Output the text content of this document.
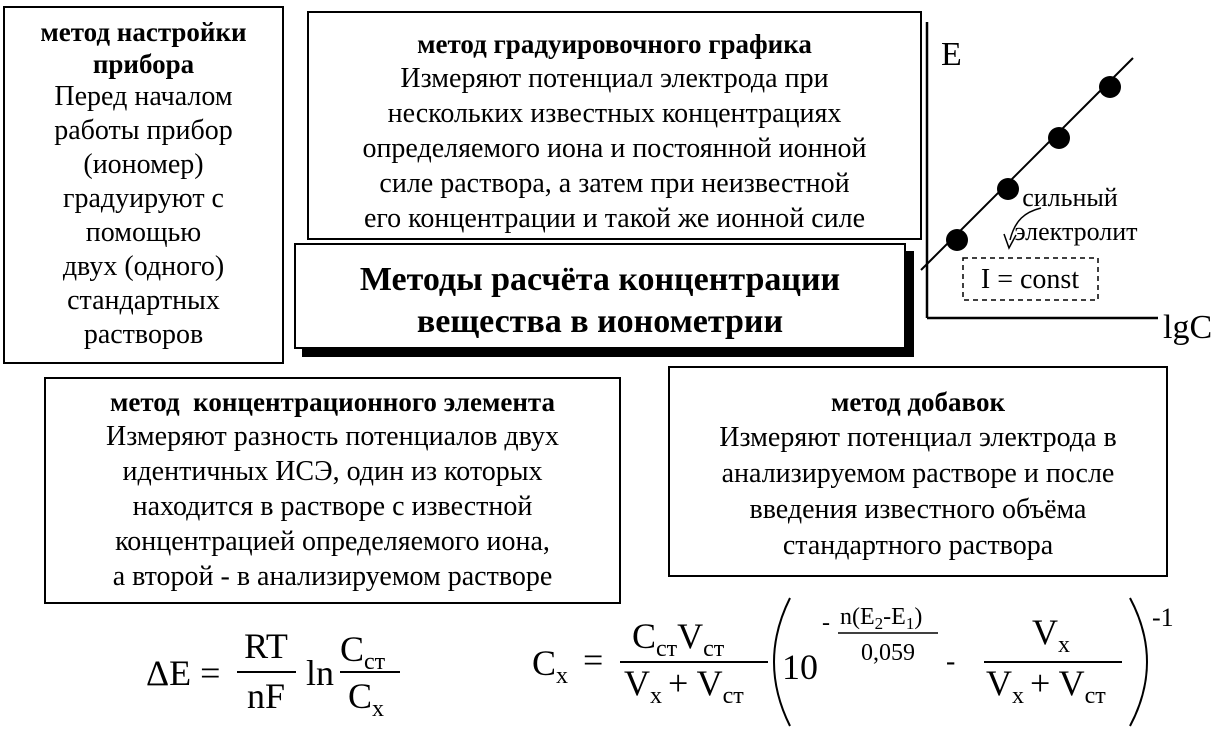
метод настройки
прибора
Перед началом
работы прибор
(иономер)
градуируют с
помощью
двух (одного)
стандартных
растворов
метод градуировочного графика
Измеряют потенциал электрода при
нескольких известных концентрациях
определяемого иона и постоянной ионной
силе раствора, а затем при неизвестной
его концентрации и такой же ионной силе
Методы расчёта концентрации
вещества в ионометрии
метод  концентрационного элемента
Измеряют разность потенциалов двух
идентичных ИСЭ, один из которых
находится в растворе с известной
концентрацией определяемого иона,
а второй - в анализируемом растворе
метод добавок
Измеряют потенциал электрода в
анализируемом растворе и после
введения известного объёма
стандартного раствора
E
lgC
сильный
электролит
I = const
ΔE =
RT
nF
ln
$C_{ст}$
$C_x$
$C_x$ =
$C_{ст}V_{ст}$
$V_x + V_{ст}$
10
- $n(E_2-E_1)$
0,059 -
$V_x$
$V_x + V_{ст}$
-1
